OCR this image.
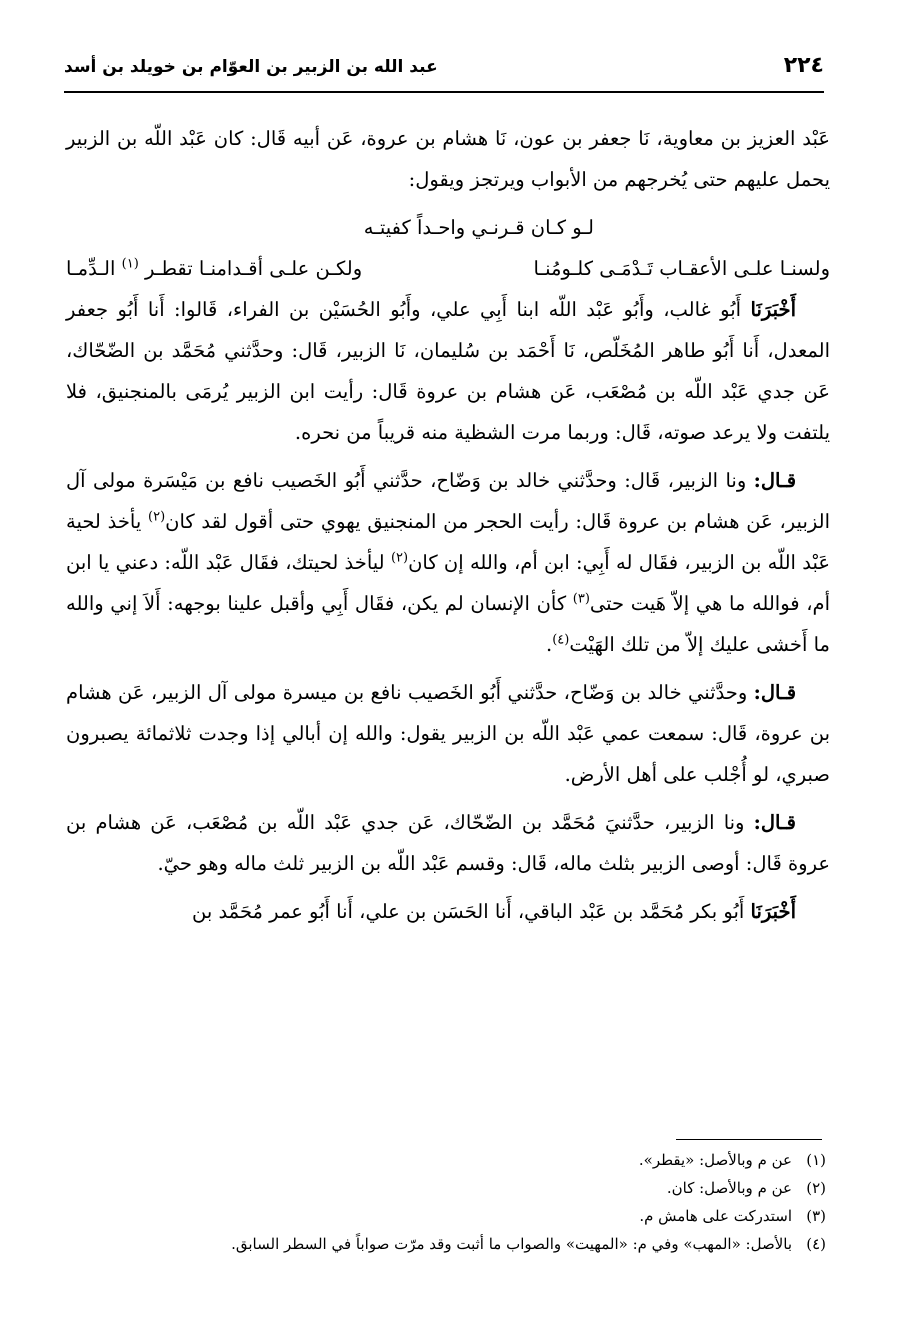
عبد الله بن الزبير بن العوّام بن خويلد بن أسد	٢٢٤

عَبْد العزيز بن معاوية، نَا جعفر بن عون، نَا هشام بن عروة، عَن أبيه قَال: كان عَبْد اللّه بن الزبير يحمل عليهم حتى يُخرجهم من الأبواب ويرتجز ويقول:

لـو كـان قـرنـي واحـداً كفيتـه
ولسنـا علـى الأعقـاب تَـدْمَـى كلـومُنـا
ولكـن علـى أقـدامنـا تقطـر $^{(١)}$ الـدِّمـا

أَخْبَرَنَا أَبُو غالب، وأَبُو عَبْد اللّه ابنا أَبِي علي، وأَبُو الحُسَيْن بن الفراء، قَالوا: أَنا أَبُو جعفر المعدل، أَنا أَبُو طاهر المُخَلّص، نَا أَحْمَد بن سُليمان، نَا الزبير، قَال: وحدَّثني مُحَمَّد بن الضّحّاك، عَن جدي عَبْد اللّه بن مُصْعَب، عَن هشام بن عروة قَال: رأيت ابن الزبير يُرمَى بالمنجنيق، فلا يلتفت ولا يرعد صوته، قَال: وربما مرت الشظية منه قريباً من نحره.

قـال: ونا الزبير، قَال: وحدَّثني خالد بن وَضّاح، حدَّثني أَبُو الخَصيب نافع بن مَيْسَرة مولى آل الزبير، عَن هشام بن عروة قَال: رأيت الحجر من المنجنيق يهوي حتى أقول لقد كان$^{(٢)}$ يأخذ لحية عَبْد اللّه بن الزبير، فقَال له أَبِي: ابن أم، والله إن كان$^{(٢)}$ ليأخذ لحيتك، فقَال عَبْد اللّه: دعني يا ابن أم، فوالله ما هي إلاّ هَيت حتى$^{(٣)}$ كأن الإنسان لم يكن، فقَال أَبِي وأقبل علينا بوجهه: أَلاَ إني والله ما أَخشى عليك إلاّ من تلك الهَيْت$^{(٤)}$.

قـال: وحدَّثني خالد بن وَضّاح، حدَّثني أَبُو الخَصيب نافع بن ميسرة مولى آل الزبير، عَن هشام بن عروة، قَال: سمعت عمي عَبْد اللّه بن الزبير يقول: والله إن أبالي إذا وجدت ثلاثمائة يصبرون صبري، لو أُجْلب على أهل الأرض.

قـال: ونا الزبير، حدَّثنيَ مُحَمَّد بن الضّحّاك، عَن جدي عَبْد اللّه بن مُصْعَب، عَن هشام بن عروة قَال: أوصى الزبير بثلث ماله، قَال: وقسم عَبْد اللّه بن الزبير ثلث ماله وهو حيّ.

أَخْبَرَنَا أَبُو بكر مُحَمَّد بن عَبْد الباقي، أَنا الحَسَن بن علي، أَنا أَبُو عمر مُحَمَّد بن

(١)
عن م وبالأصل: «يقطر».
(٢)
عن م وبالأصل: كان.
(٣)
استدركت على هامش م.
(٤)
بالأصل: «المهب» وفي م: «المهيت» والصواب ما أثبت وقد مرّت صواباً في السطر السابق.
